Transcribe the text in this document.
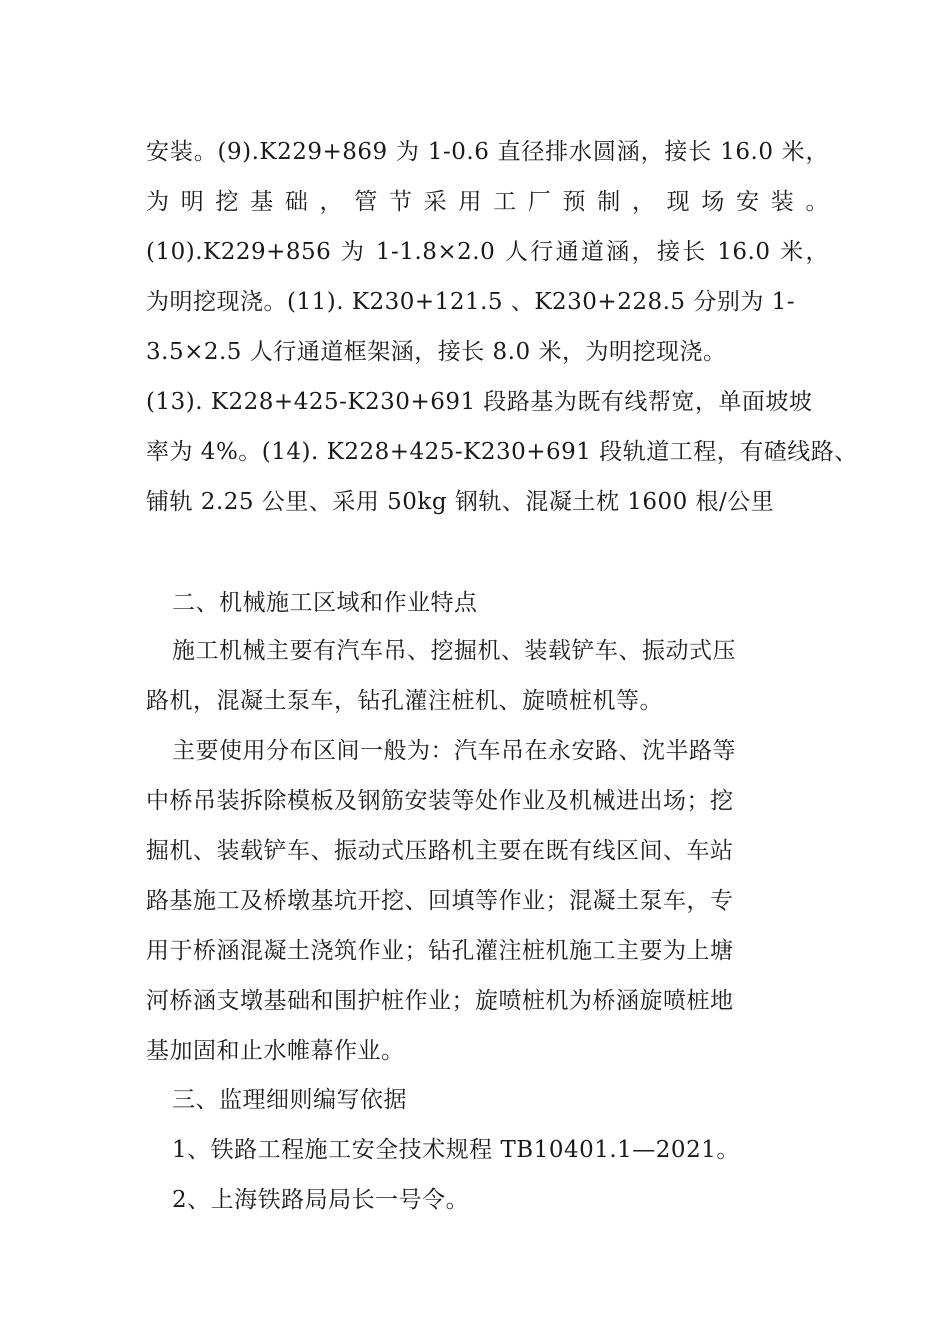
安装。(9).K229+869 为 1-0.6 直径排水圆涵，接长 16.0 米，
为 明 挖 基 础 ， 管 节 采 用 工 厂 预 制 ， 现 场 安 装 。
(10).K229+856 为 1-1.8×2.0 人行通道涵，接长 16.0 米，
为明挖现浇。(11). K230+121.5 、K230+228.5 分别为 1-
3.5×2.5 人行通道框架涵，接长 8.0 米，为明挖现浇。
(13). K228+425-K230+691 段路基为既有线帮宽，单面坡坡
率为 4%。(14). K228+425-K230+691 段轨道工程，有碴线路、
铺轨 2.25 公里、采用 50kg 钢轨、混凝土枕 1600 根/公里
二、机械施工区域和作业特点
施工机械主要有汽车吊、挖掘机、装载铲车、振动式压
路机，混凝土泵车，钻孔灌注桩机、旋喷桩机等。
主要使用分布区间一般为：汽车吊在永安路、沈半路等
中桥吊装拆除模板及钢筋安装等处作业及机械进出场；挖
掘机、装载铲车、振动式压路机主要在既有线区间、车站
路基施工及桥墩基坑开挖、回填等作业；混凝土泵车，专
用于桥涵混凝土浇筑作业；钻孔灌注桩机施工主要为上塘
河桥涵支墩基础和围护桩作业；旋喷桩机为桥涵旋喷桩地
基加固和止水帷幕作业。
三、监理细则编写依据
1、铁路工程施工安全技术规程 TB10401.1—2021。
2、上海铁路局局长一号令。
